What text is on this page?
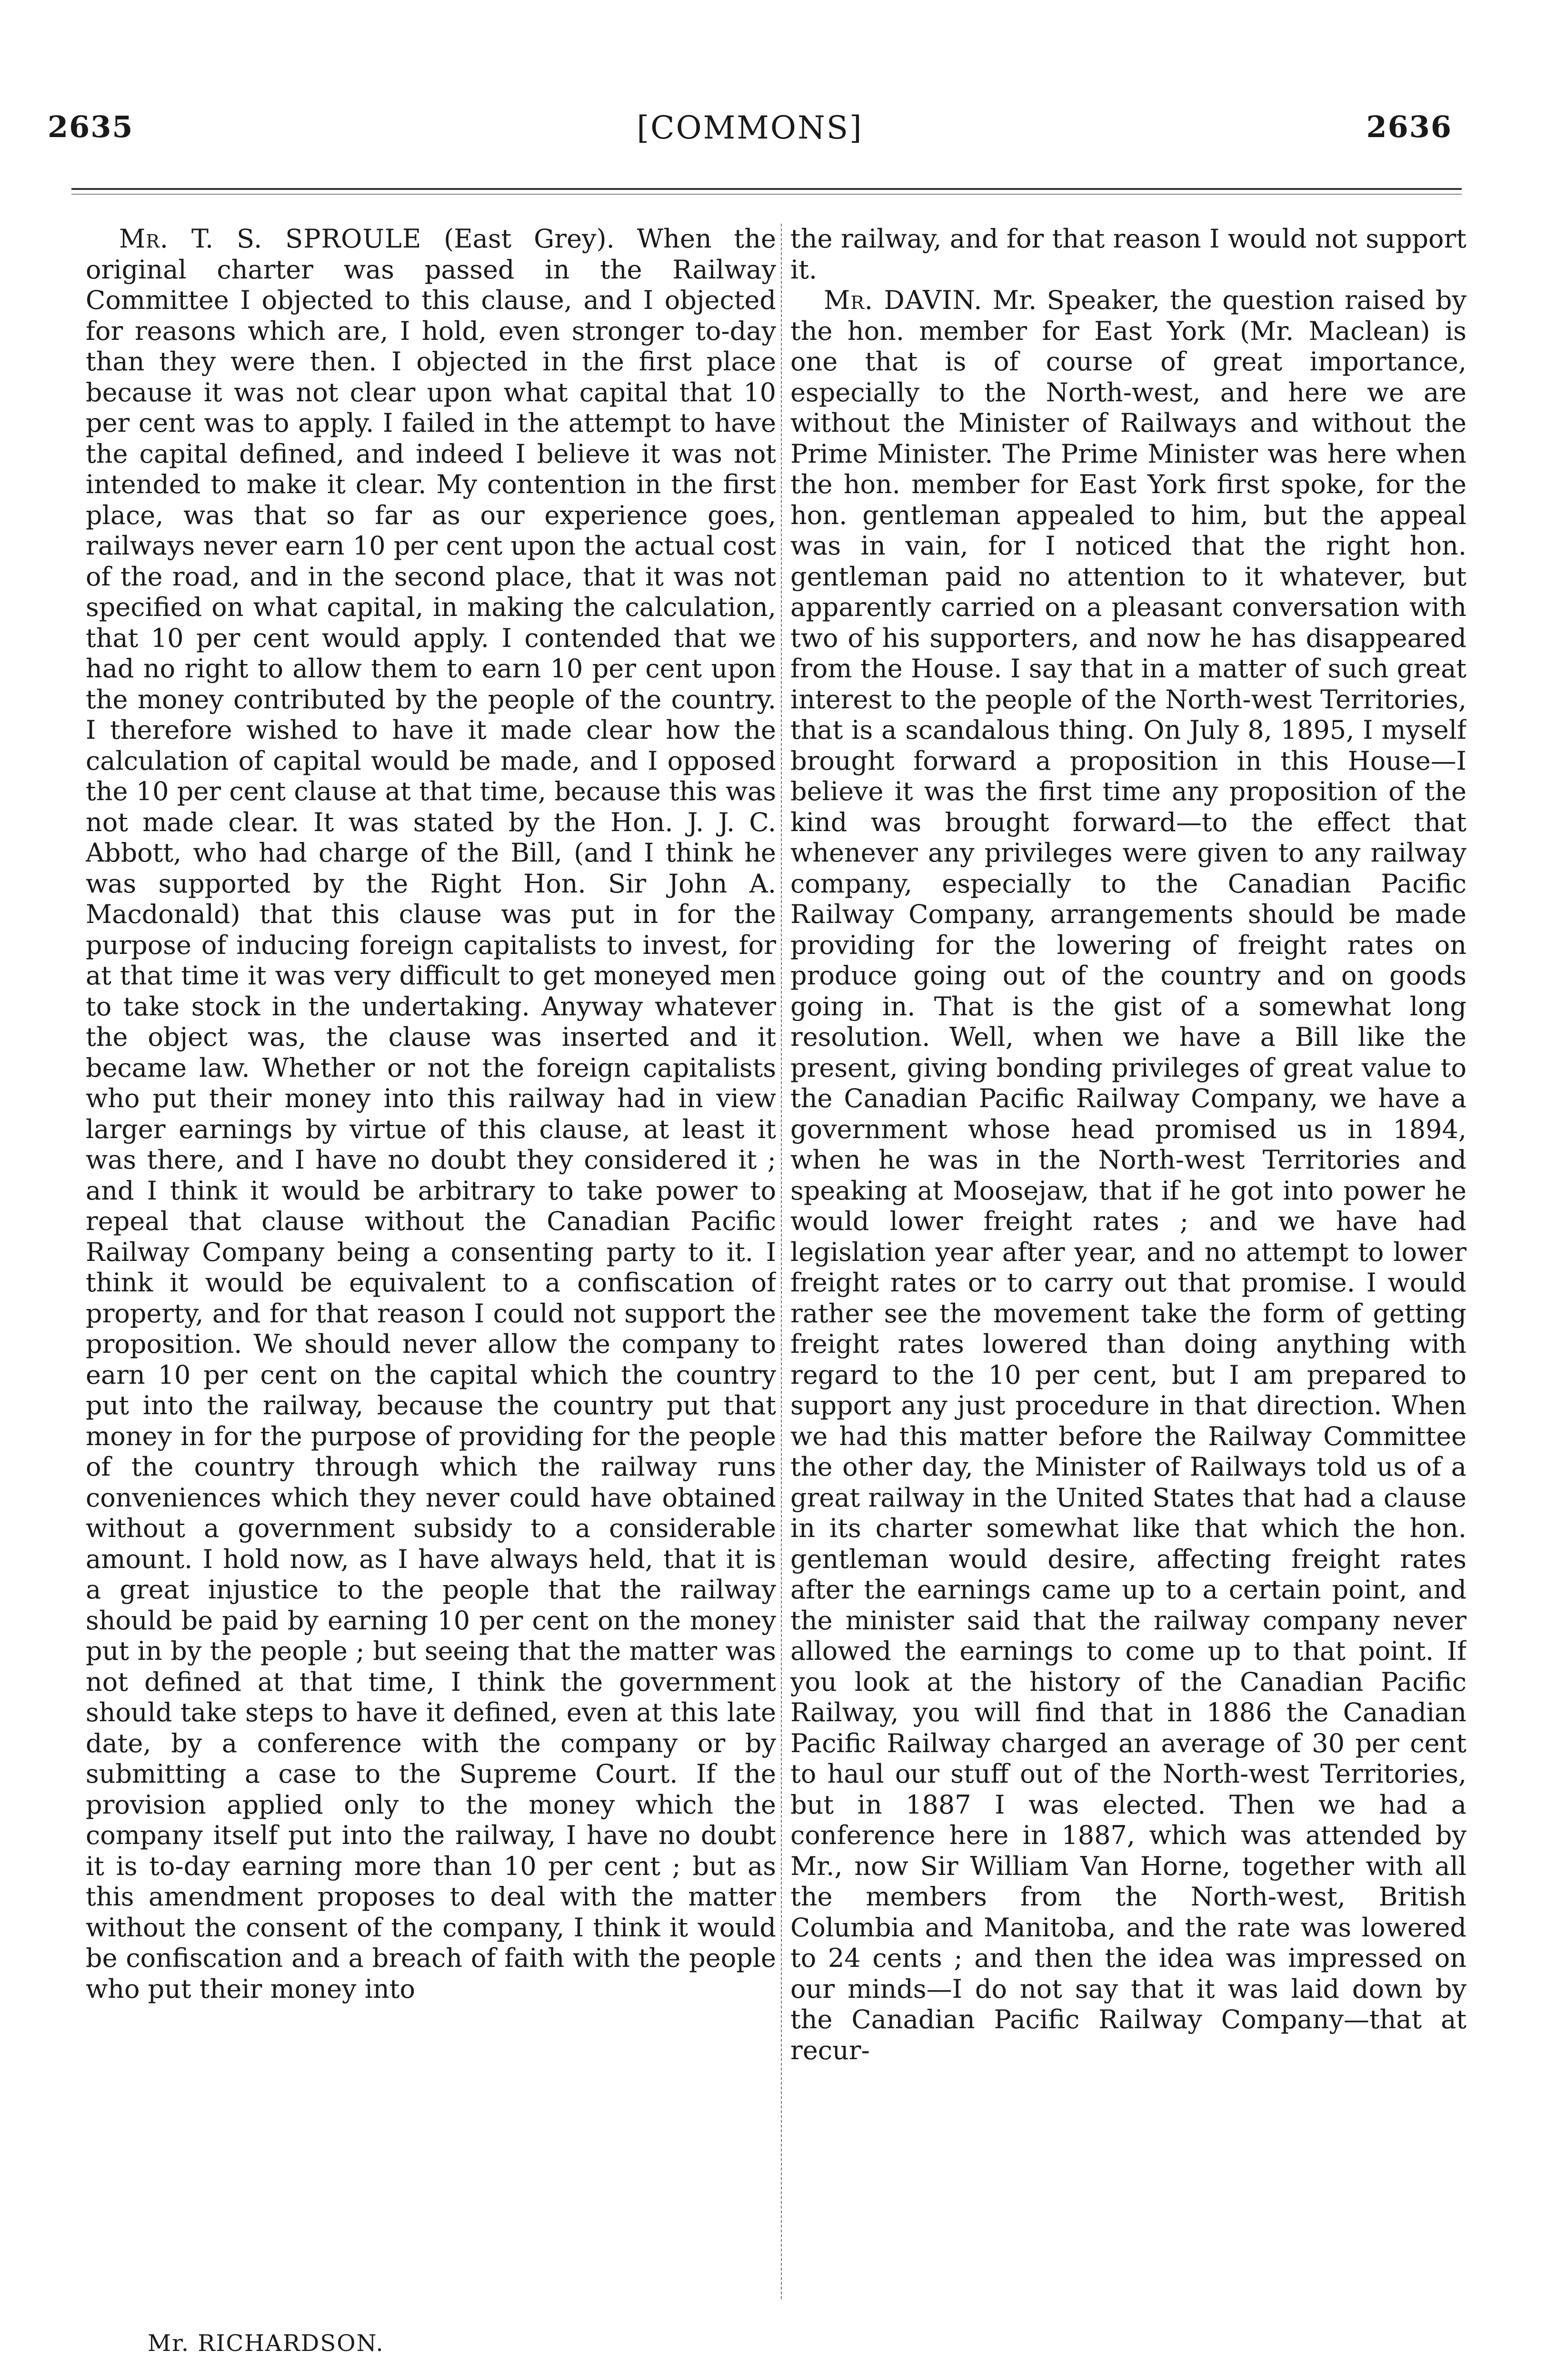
2635	[COMMONS]	2636

Mr. T. S. SPROULE (East Grey). When the original charter was passed in the Railway Committee I objected to this clause, and I objected for reasons which are, I hold, even stronger to-day than they were then. I objected in the first place because it was not clear upon what capital that 10 per cent was to apply. I failed in the attempt to have the capital defined, and indeed I believe it was not intended to make it clear. My contention in the first place, was that so far as our experience goes, railways never earn 10 per cent upon the actual cost of the road, and in the second place, that it was not specified on what capital, in making the calculation, that 10 per cent would apply. I contended that we had no right to allow them to earn 10 per cent upon the money contributed by the people of the country. I therefore wished to have it made clear how the calculation of capital would be made, and I opposed the 10 per cent clause at that time, because this was not made clear. It was stated by the Hon. J. J. C. Abbott, who had charge of the Bill, (and I think he was supported by the Right Hon. Sir John A. Macdonald) that this clause was put in for the purpose of inducing foreign capitalists to invest, for at that time it was very difficult to get moneyed men to take stock in the undertaking. Anyway whatever the object was, the clause was inserted and it became law. Whether or not the foreign capitalists who put their money into this railway had in view larger earnings by virtue of this clause, at least it was there, and I have no doubt they considered it ; and I think it would be arbitrary to take power to repeal that clause without the Canadian Pacific Railway Company being a consenting party to it. I think it would be equivalent to a confiscation of property, and for that reason I could not support the proposition. We should never allow the company to earn 10 per cent on the capital which the country put into the railway, because the country put that money in for the purpose of providing for the people of the country through which the railway runs conveniences which they never could have obtained without a government subsidy to a considerable amount. I hold now, as I have always held, that it is a great injustice to the people that the railway should be paid by earning 10 per cent on the money put in by the people ; but seeing that the matter was not defined at that time, I think the government should take steps to have it defined, even at this late date, by a conference with the company or by submitting a case to the Supreme Court. If the provision applied only to the money which the company itself put into the railway, I have no doubt it is to-day earning more than 10 per cent ; but as this amendment proposes to deal with the matter without the consent of the company, I think it would be confiscation and a breach of faith with the people who put their money into

the railway, and for that reason I would not support it.

Mr. DAVIN. Mr. Speaker, the question raised by the hon. member for East York (Mr. Maclean) is one that is of course of great importance, especially to the North-west, and here we are without the Minister of Railways and without the Prime Minister. The Prime Minister was here when the hon. member for East York first spoke, for the hon. gentleman appealed to him, but the appeal was in vain, for I noticed that the right hon. gentleman paid no attention to it whatever, but apparently carried on a pleasant conversation with two of his supporters, and now he has disappeared from the House. I say that in a matter of such great interest to the people of the North-west Territories, that is a scandalous thing. On July 8, 1895, I myself brought forward a proposition in this House—I believe it was the first time any proposition of the kind was brought forward—to the effect that whenever any privileges were given to any railway company, especially to the Canadian Pacific Railway Company, arrangements should be made providing for the lowering of freight rates on produce going out of the country and on goods going in. That is the gist of a somewhat long resolution. Well, when we have a Bill like the present, giving bonding privileges of great value to the Canadian Pacific Railway Company, we have a government whose head promised us in 1894, when he was in the North-west Territories and speaking at Moosejaw, that if he got into power he would lower freight rates ; and we have had legislation year after year, and no attempt to lower freight rates or to carry out that promise. I would rather see the movement take the form of getting freight rates lowered than doing anything with regard to the 10 per cent, but I am prepared to support any just procedure in that direction. When we had this matter before the Railway Committee the other day, the Minister of Railways told us of a great railway in the United States that had a clause in its charter somewhat like that which the hon. gentleman would desire, affecting freight rates after the earnings came up to a certain point, and the minister said that the railway company never allowed the earnings to come up to that point. If you look at the history of the Canadian Pacific Railway, you will find that in 1886 the Canadian Pacific Railway charged an average of 30 per cent to haul our stuff out of the North-west Territories, but in 1887 I was elected. Then we had a conference here in 1887, which was attended by Mr., now Sir William Van Horne, together with all the members from the North-west, British Columbia and Manitoba, and the rate was lowered to 24 cents ; and then the idea was impressed on our minds—I do not say that it was laid down by the Canadian Pacific Railway Company—that at recur-

Mr. RICHARDSON.
